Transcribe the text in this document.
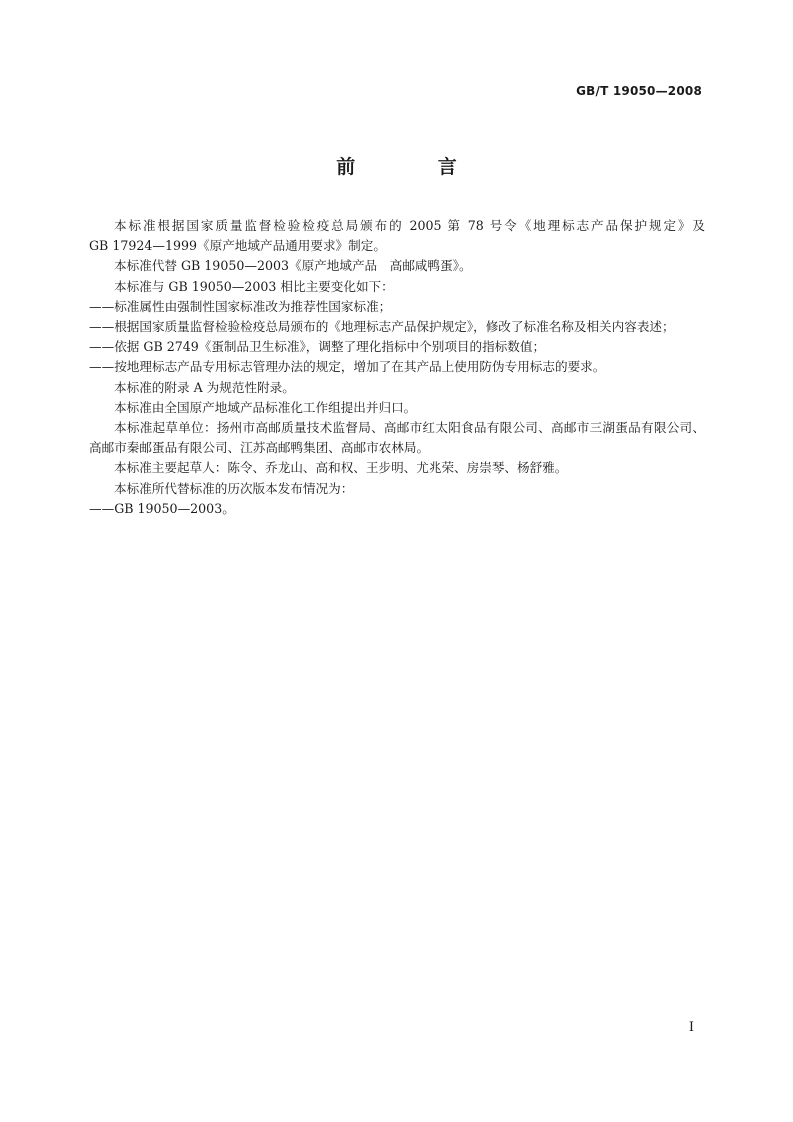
GB/T 19050—2008
前 言

本标准根据国家质量监督检验检疫总局颁布的 2005 第 78 号令《地理标志产品保护规定》及

GB 17924—1999《原产地域产品通用要求》制定。

本标准代替 GB 19050—2003《原产地域产品　高邮咸鸭蛋》。

本标准与 GB 19050—2003 相比主要变化如下：

——标准属性由强制性国家标准改为推荐性国家标准；

——根据国家质量监督检验检疫总局颁布的《地理标志产品保护规定》，修改了标准名称及相关内容表述；

——依据 GB 2749《蛋制品卫生标准》，调整了理化指标中个别项目的指标数值；

——按地理标志产品专用标志管理办法的规定，增加了在其产品上使用防伪专用标志的要求。

本标准的附录 A 为规范性附录。

本标准由全国原产地域产品标准化工作组提出并归口。

本标准起草单位：扬州市高邮质量技术监督局、高邮市红太阳食品有限公司、高邮市三湖蛋品有限公司、高邮市秦邮蛋品有限公司、江苏高邮鸭集团、高邮市农林局。

本标准主要起草人：陈令、乔龙山、高和权、王步明、尤兆荣、房崇琴、杨舒雅。

本标准所代替标准的历次版本发布情况为：

——GB 19050—2003。

I
